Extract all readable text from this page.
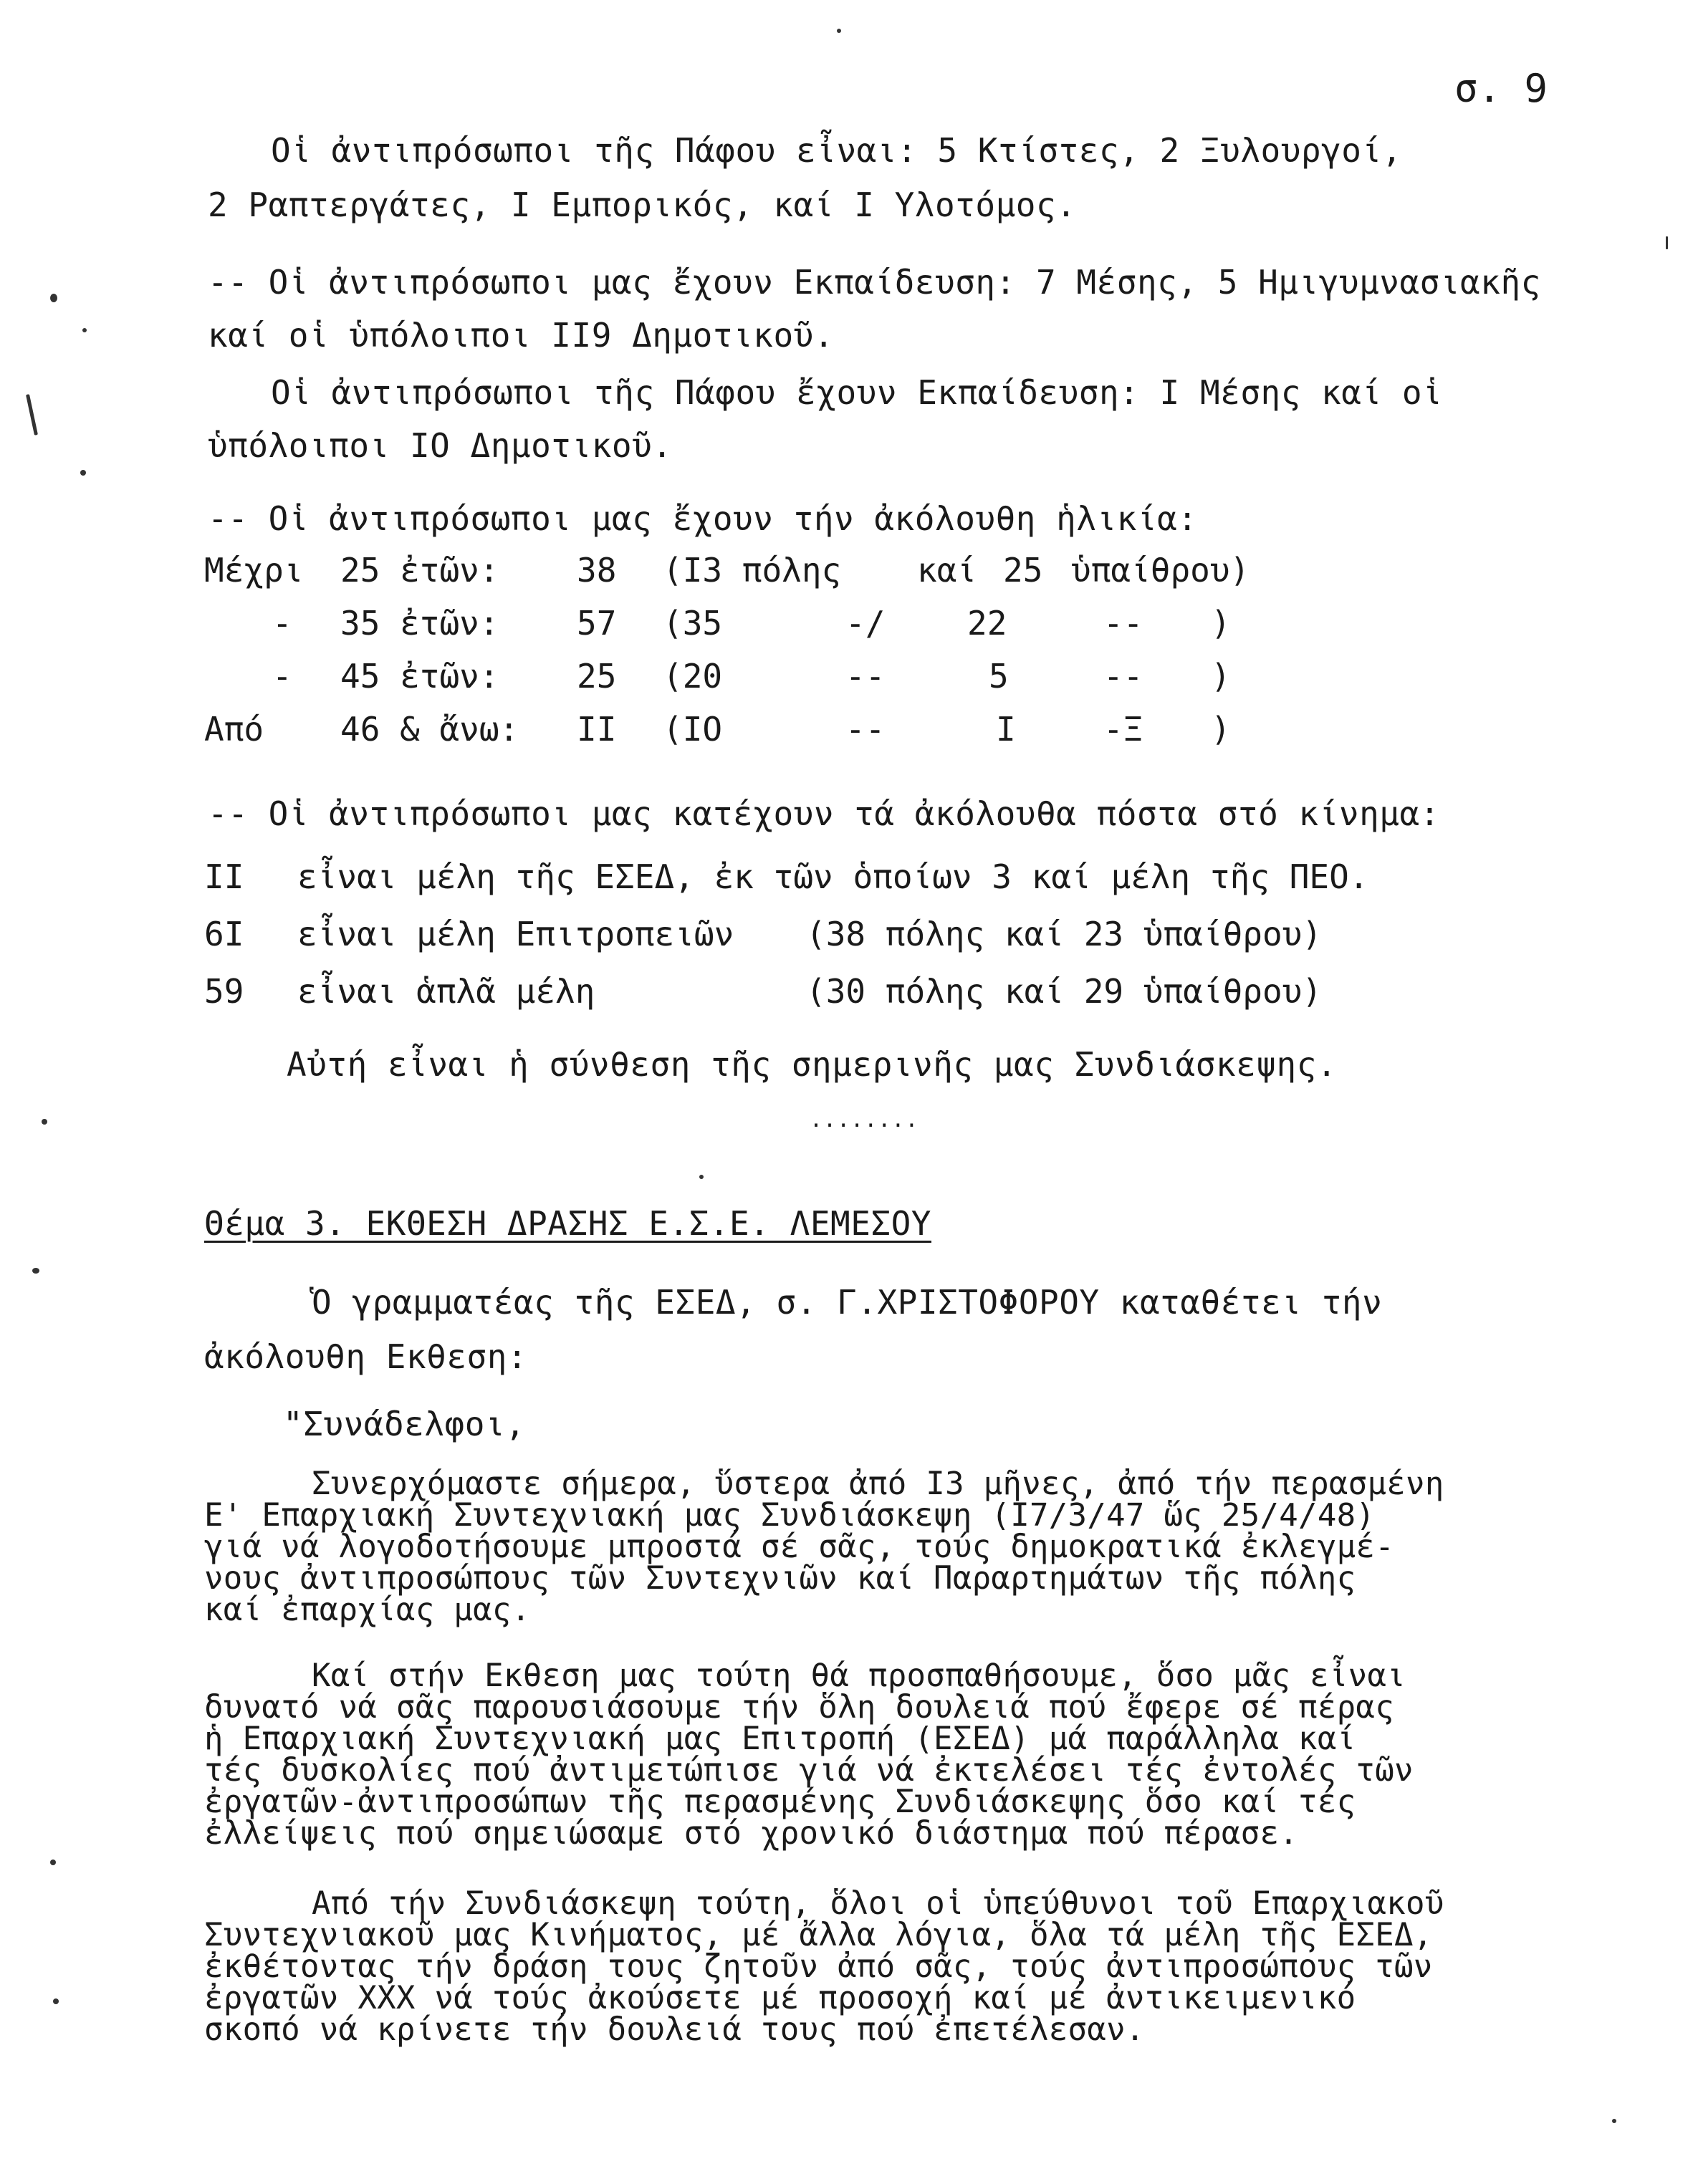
σ. 9
Οἱ ἀντιπρόσωποι τῆς Πάφου εἶναι: 5 Κτίστες, 2 Ξυλουργοί,
2 Ραπτεργάτες, Ι Εμπορικός, καί Ι Υλοτόμος.
-- Οἱ ἀντιπρόσωποι μας ἔχουν Εκπαίδευση: 7 Μέσης, 5 Ημιγυμνασιακῆς
καί οἱ ὑπόλοιποι ΙΙ9 Δημοτικοῦ.
Οἱ ἀντιπρόσωποι τῆς Πάφου ἔχουν Εκπαίδευση: Ι Μέσης καί οἱ
ὑπόλοιποι ΙΟ Δημοτικοῦ.
-- Οἱ ἀντιπρόσωποι μας ἔχουν τήν ἀκόλουθη ἡλικία:
Μέχρι 25 ἐτῶν: 38 (Ι3 πόλης καί 25 ὑπαίθρου)
- 35 ἐτῶν: 57 (35	-/ 22	-- )
- 45 ἐτῶν: 25 (20	--	5	-- )
Από 46 & ἄνω: ΙΙ (ΙΟ	--	Ι	-Ξ )
-- Οἱ ἀντιπρόσωποι μας κατέχουν τά ἀκόλουθα πόστα στό κίνημα:
ΙΙ εἶναι μέλη τῆς ΕΣΕΔ, ἐκ τῶν ὁποίων 3 καί μέλη τῆς ΠΕΟ.
6Ι εἶναι μέλη Επιτροπειῶν (38 πόλης καί 23 ὑπαίθρου)
59 εἶναι ἁπλᾶ μέλη	(30 πόλης καί 29 ὑπαίθρου)
Αὐτή εἶναι ἡ σύνθεση τῆς σημερινῆς μας Συνδιάσκεψης.
........
Θέμα 3. ΕΚΘΕΣΗ ΔΡΑΣΗΣ Ε.Σ.Ε. ΛΕΜΕΣΟΥ
Ὁ γραμματέας τῆς ΕΣΕΔ, σ. Γ.ΧΡΙΣΤΟΦΟΡΟΥ καταθέτει τήν
ἀκόλουθη Εκθεση:
"Συνάδελφοι,
Συνερχόμαστε σήμερα, ὕστερα ἀπό Ι3 μῆνες, ἀπό τήν περασμένη
Ε' Επαρχιακή Συντεχνιακή μας Συνδιάσκεψη (Ι7/3/47 ὥς 25/4/48)
γιά νά λογοδοτήσουμε μπροστά σέ σᾶς, τούς δημοκρατικά ἐκλεγμέ-
νους ἀντιπροσώπους τῶν Συντεχνιῶν καί Παραρτημάτων τῆς πόλης
καί ἐπαρχίας μας.
Καί στήν Εκθεση μας τούτη θά προσπαθήσουμε, ὅσο μᾶς εἶναι
δυνατό νά σᾶς παρουσιάσουμε τήν ὅλη δουλειά πού ἔφερε σέ πέρας
ἡ Επαρχιακή Συντεχνιακή μας Επιτροπή (ΕΣΕΔ) μά παράλληλα καί
τές δυσκολίες πού ἀντιμετώπισε γιά νά ἐκτελέσει τές ἐντολές τῶν
ἐργατῶν-ἀντιπροσώπων τῆς περασμένης Συνδιάσκεψης ὅσο καί τές
ἐλλείψεις πού σημειώσαμε στό χρονικό διάστημα πού πέρασε.
Από τήν Συνδιάσκεψη τούτη, ὅλοι οἱ ὑπεύθυνοι τοῦ Επαρχιακοῦ
Συντεχνιακοῦ μας Κινήματος, μέ ἄλλα λόγια, ὅλα τά μέλη τῆς ΕΣΕΔ,
ἐκθέτοντας τήν δράση τους ζητοῦν ἀπό σᾶς, τούς ἀντιπροσώπους τῶν
ἐργατῶν ΧΧΧ νά τούς ἀκούσετε μέ προσοχή καί μέ ἀντικειμενικό
σκοπό νά κρίνετε τήν δουλειά τους πού ἐπετέλεσαν.
